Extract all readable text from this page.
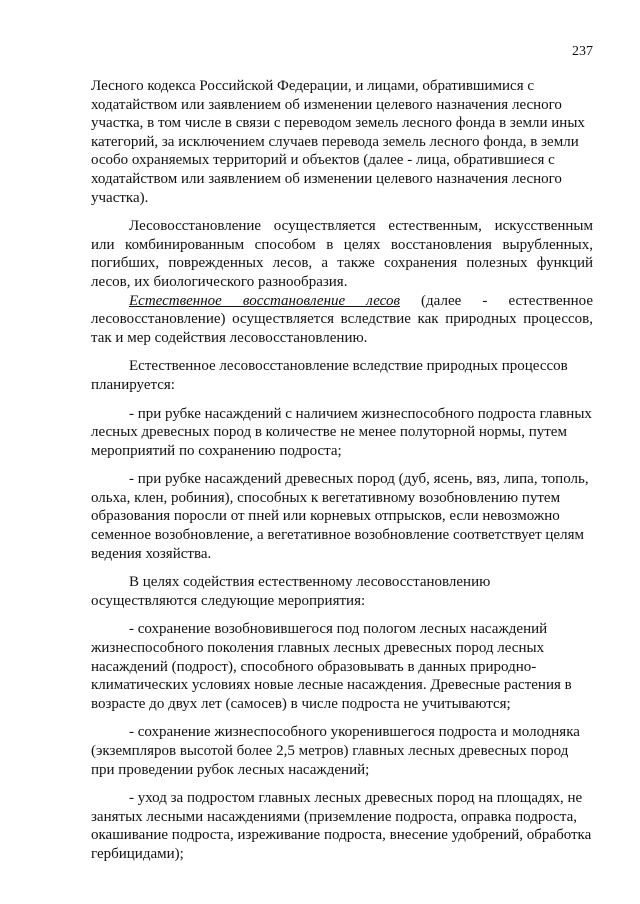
237

Лесного кодекса Российской Федерации, и лицами, обратившимися с ходатайством или заявлением об изменении целевого назначения лесного участка, в том числе в связи с переводом земель лесного фонда в земли иных категорий, за исключением случаев перевода земель лесного фонда, в земли особо охраняемых территорий и объектов (далее - лица, обратившиеся с ходатайством или заявлением об изменении целевого назначения лесного участка).

Лесовосстановление осуществляется естественным, искусственным или комбинированным способом в целях восстановления вырубленных, погибших, поврежденных лесов, а также сохранения полезных функций лесов, их биологического разнообразия.

Естественное восстановление лесов (далее - естественное лесовосстановление) осуществляется вследствие как природных процессов, так и мер содействия лесовосстановлению.

Естественное лесовосстановление вследствие природных процессов планируется:

- при рубке насаждений с наличием жизнеспособного подроста главных лесных древесных пород в количестве не менее полуторной нормы, путем мероприятий по сохранению подроста;

- при рубке насаждений древесных пород (дуб, ясень, вяз, липа, тополь, ольха, клен, робиния), способных к вегетативному возобновлению путем образования поросли от пней или корневых отпрысков, если невозможно семенное возобновление, а вегетативное возобновление соответствует целям ведения хозяйства.

В целях содействия естественному лесовосстановлению осуществляются следующие мероприятия:

- сохранение возобновившегося под пологом лесных насаждений жизнеспособного поколения главных лесных древесных пород лесных насаждений (подрост), способного образовывать в данных природно-климатических условиях новые лесные насаждения. Древесные растения в возрасте до двух лет (самосев) в числе подроста не учитываются;

- сохранение жизнеспособного укоренившегося подроста и молодняка (экземпляров высотой более 2,5 метров) главных лесных древесных пород при проведении рубок лесных насаждений;

- уход за подростом главных лесных древесных пород на площадях, не занятых лесными насаждениями (приземление подроста, оправка подроста, окашивание подроста, изреживание подроста, внесение удобрений, обработка гербицидами);
